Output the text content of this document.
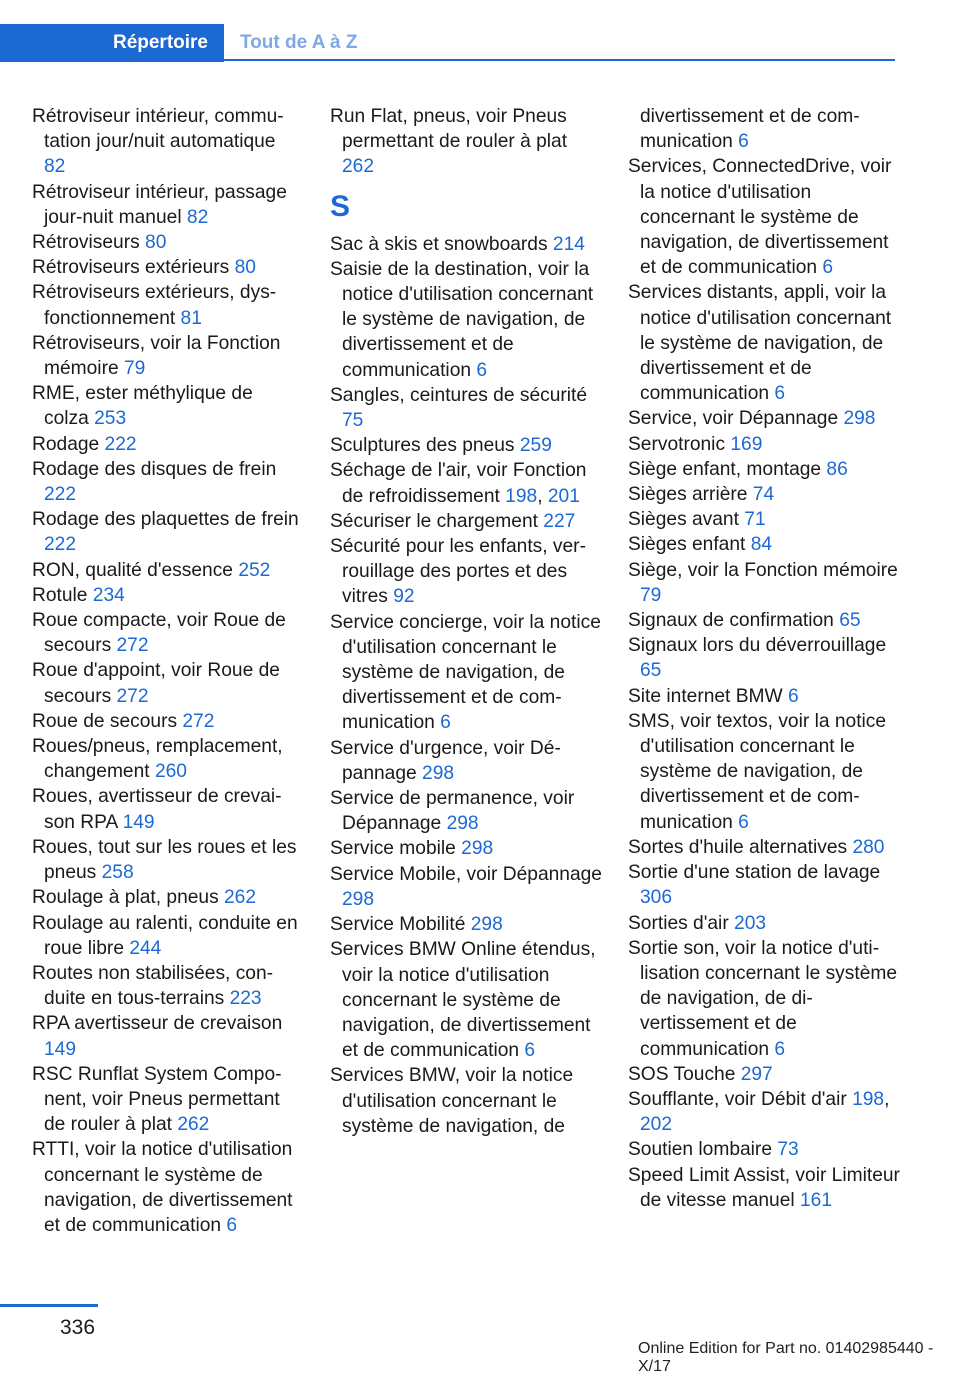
Répertoire Tout de A à Z
Rétroviseur intérieur, commutation jour/nuit automatique 82
Rétroviseur intérieur, passage jour-nuit manuel 82
Rétroviseurs 80
Rétroviseurs extérieurs 80
Rétroviseurs extérieurs, dysfonctionnement 81
Rétroviseurs, voir la Fonction mémoire 79
RME, ester méthylique de colza 253
Rodage 222
Rodage des disques de frein 222
Rodage des plaquettes de frein 222
RON, qualité d'essence 252
Rotule 234
Roue compacte, voir Roue de secours 272
Roue d'appoint, voir Roue de secours 272
Roue de secours 272
Roues/pneus, remplacement, changement 260
Roues, avertisseur de crevaison RPA 149
Roues, tout sur les roues et les pneus 258
Roulage à plat, pneus 262
Roulage au ralenti, conduite en roue libre 244
Routes non stabilisées, conduite en tous-terrains 223
RPA avertisseur de crevaison 149
RSC Runflat System Component, voir Pneus permettant de rouler à plat 262
RTTI, voir la notice d'utilisation concernant le système de navigation, de divertissement et de communication 6
Run Flat, pneus, voir Pneus permettant de rouler à plat 262
S
Sac à skis et snowboards 214
Saisie de la destination, voir la notice d'utilisation concernant le système de navigation, de divertissement et de communication 6
Sangles, ceintures de sécurité 75
Sculptures des pneus 259
Séchage de l'air, voir Fonction de refroidissement 198, 201
Sécuriser le chargement 227
Sécurité pour les enfants, verrouillage des portes et des vitres 92
Service concierge, voir la notice d'utilisation concernant le système de navigation, de divertissement et de communication 6
Service d'urgence, voir Dépannage 298
Service de permanence, voir Dépannage 298
Service mobile 298
Service Mobile, voir Dépannage 298
Service Mobilité 298
Services BMW Online étendus, voir la notice d'utilisation concernant le système de navigation, de divertissement et de communication 6
Services BMW, voir la notice d'utilisation concernant le système de navigation, de
divertissement et de communication 6
Services, ConnectedDrive, voir la notice d'utilisation concernant le système de navigation, de divertissement et de communication 6
Services distants, appli, voir la notice d'utilisation concernant le système de navigation, de divertissement et de communication 6
Service, voir Dépannage 298
Servotronic 169
Siège enfant, montage 86
Sièges arrière 74
Sièges avant 71
Sièges enfant 84
Siège, voir la Fonction mémoire 79
Signaux de confirmation 65
Signaux lors du déverrouillage 65
Site internet BMW 6
SMS, voir textos, voir la notice d'utilisation concernant le système de navigation, de divertissement et de communication 6
Sortes d'huile alternatives 280
Sortie d'une station de lavage 306
Sorties d'air 203
Sortie son, voir la notice d'utilisation concernant le système de navigation, de divertissement et de communication 6
SOS Touche 297
Soufflante, voir Débit d'air 198, 202
Soutien lombaire 73
Speed Limit Assist, voir Limiteur de vitesse manuel 161
336
Online Edition for Part no. 01402985440 - X/17
